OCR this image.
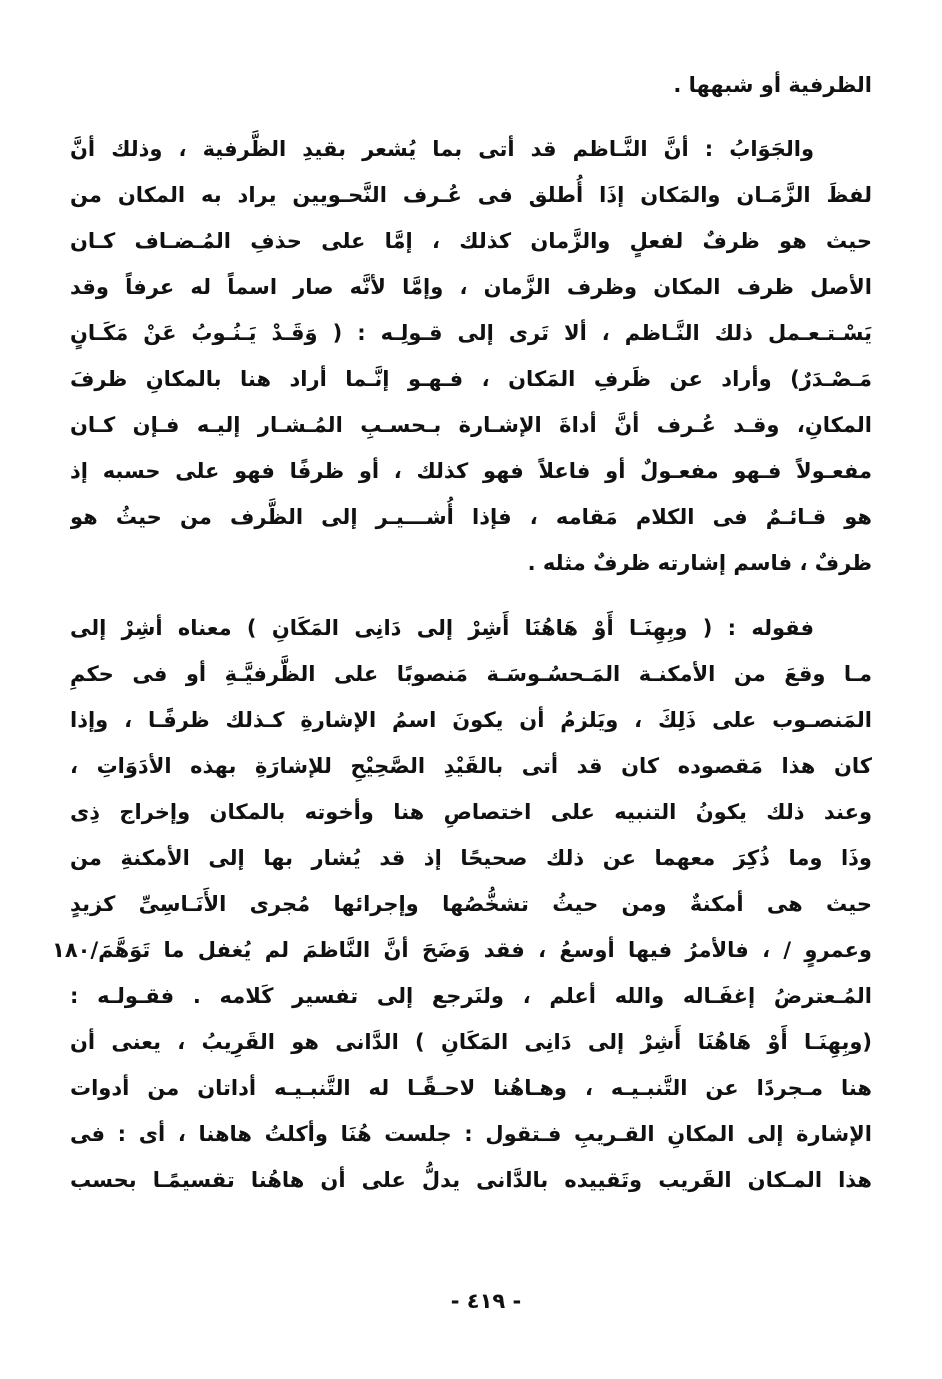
الظرفية أو شبهها .
والجَوَابُ : أنَّ النَّـاظم قد أتى بما يُشعر بقيدِ الظَّرفية ، وذلك أنَّ
لفظَ الزَّمَـان والمَكان إذَا أُطلق فى عُـرف النَّحـويين يراد به المكان من
حيث هو ظرفٌ لفعلٍ والزَّمان كذلك ، إمَّا على حذفِ المُـضـاف كـان
الأصل ظرف المكان وظرف الزَّمان ، وإمَّا لأنَّه صار اسماً له عرفاً وقد
يَسْـتـعـمل ذلك النَّـاظم ، ألا تَرى إلى قـولِـه : ( وَقَـدْ يَـنُـوبُ عَنْ مَكَـانٍ
مَـصْـدَرٌ) وأراد عن ظَرفِ المَكان ، فـهـو إنَّـما أراد هنا بالمكانِ ظرفَ
المكانِ، وقـد عُـرف أنَّ أداةَ الإشـارة بـحسـبِ المُـشـار إليـه فـإن كـان
مفعـولاً فـهو مفعـولٌ أو فاعلاً فهو كذلك ، أو ظرفًا فهو على حسبه إذ
هو قـائـمٌ فى الكلام مَقامه ، فإذا أُشـــيـر إلى الظَّرف من حيثُ هو
ظرفٌ ، فاسم إشارته ظرفٌ مثله .
فقوله : ( وبِهِنَـا أَوْ هَاهُنَا أَشِرْ إلى دَانِى المَكَانِ ) معناه أشِرْ إلى
مـا وقعَ من الأمكنـة المَـحسُـوسَـة مَنصوبًا على الظَّرفيَّـةِ أو فى حكمِ
المَنصـوب على ذَلِكَ ، ويَلزمُ أن يكونَ اسمُ الإشارةِ كـذلك ظرفًـا ، وإذا
كان هذا مَقصوده كان قد أتى بالقَيْدِ الصَّحِيْحِ للإشارَةِ بهذه الأدَوَاتِ ،
وعند ذلك يكونُ التنبيه على اختصاصِ هنا وأخوته بالمكان وإخراج ذِى
وذَا وما ذُكِرَ معهما عن ذلك صحيحًا إذ قد يُشار بها إلى الأمكنةِ من
حيث هى أمكنةٌ ومن حيثُ تشخُّصُها وإجرائها مُجرى الأَنَـاسِىِّ كزيدٍ
وعمروٍ / ، فالأمرُ فيها أوسعُ ، فقد وَضَحَ أنَّ النَّاظمَ لم يُغفل ما تَوَهَّمَ/١٨٠
المُـعترضُ إغفَـاله والله أعلم ، ولنَرجع إلى تفسير كَلامه . فقـولـه :
(وبِهِنَـا أَوْ هَاهُنَا أَشِرْ إلى دَانِى المَكَانِ ) الدَّانى هو القَرِيبُ ، يعنى أن
هنا مـجردًا عن التَّنبـيـه ، وهـاهُنا لاحـقًـا له التَّنبـيـه أداتان من أدوات
الإشارة إلى المكانِ القـريبِ فـتقول : جلست هُنَا وأكلتُ هاهنا ، أى : فى
هذا المـكان القَريب وتَقييده بالدَّانى يدلُّ على أن هاهُنا تقسيمًـا بحسب
- ٤١٩ -
